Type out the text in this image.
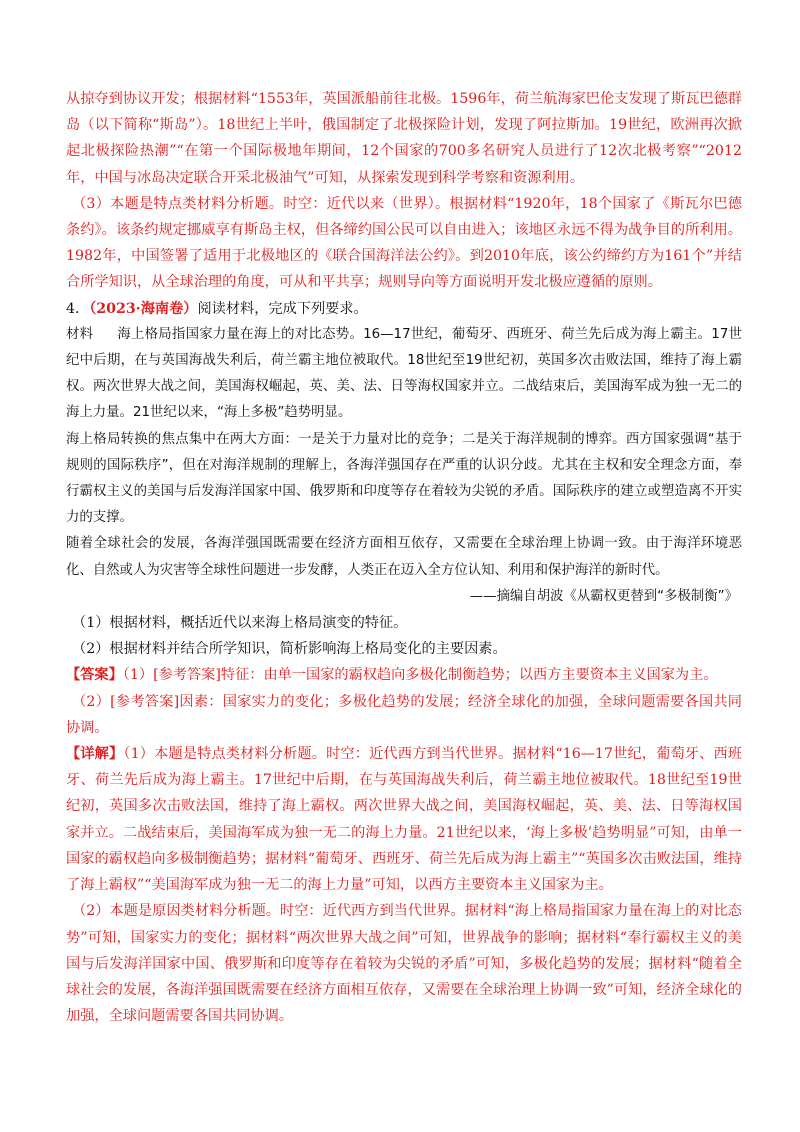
从掠夺到协议开发；根据材料“1553年，英国派船前往北极。1596年，荷兰航海家巴伦支发现了斯瓦巴德群岛（以下简称“斯岛”）。18世纪上半叶，俄国制定了北极探险计划，发现了阿拉斯加。19世纪，欧洲再次掀起北极探险热潮”“在第一个国际极地年期间，12个国家的700多名研究人员进行了12次北极考察”“2012年，中国与冰岛决定联合开采北极油气”可知，从探索发现到科学考察和资源利用。

（3）本题是特点类材料分析题。时空：近代以来（世界）。根据材料“1920年，18个国家了《斯瓦尔巴德条约》。该条约规定挪威享有斯岛主权，但各缔约国公民可以自由进入；该地区永远不得为战争目的所利用。1982年，中国签署了适用于北极地区的《联合国海洋法公约》。到2010年底，该公约缔约方为161个”并结合所学知识，从全球治理的角度，可从和平共享；规则导向等方面说明开发北极应遵循的原则。

4．（2023·海南卷）阅读材料，完成下列要求。

材料 海上格局指国家力量在海上的对比态势。16—17世纪，葡萄牙、西班牙、荷兰先后成为海上霸主。17世纪中后期，在与英国海战失利后，荷兰霸主地位被取代。18世纪至19世纪初，英国多次击败法国，维持了海上霸权。两次世界大战之间，美国海权崛起，英、美、法、日等海权国家并立。二战结束后，美国海军成为独一无二的海上力量。21世纪以来，“海上多极”趋势明显。

海上格局转换的焦点集中在两大方面：一是关于力量对比的竞争；二是关于海洋规制的博弈。西方国家强调“基于规则的国际秩序”，但在对海洋规制的理解上，各海洋强国存在严重的认识分歧。尤其在主权和安全理念方面，奉行霸权主义的美国与后发海洋国家中国、俄罗斯和印度等存在着较为尖锐的矛盾。国际秩序的建立或塑造离不开实力的支撑。

随着全球社会的发展，各海洋强国既需要在经济方面相互依存，又需要在全球治理上协调一致。由于海洋环境恶化、自然或人为灾害等全球性问题进一步发酵，人类正在迈入全方位认知、利用和保护海洋的新时代。

——摘编自胡波《从霸权更替到“多极制衡”》

（1）根据材料，概括近代以来海上格局演变的特征。

（2）根据材料并结合所学知识，简析影响海上格局变化的主要因素。

【答案】（1）[参考答案]特征：由单一国家的霸权趋向多极化制衡趋势；以西方主要资本主义国家为主。

（2）[参考答案]因素：国家实力的变化；多极化趋势的发展；经济全球化的加强，全球问题需要各国共同协调。

【详解】（1）本题是特点类材料分析题。时空：近代西方到当代世界。据材料“16—17世纪，葡萄牙、西班牙、荷兰先后成为海上霸主。17世纪中后期，在与英国海战失利后，荷兰霸主地位被取代。18世纪至19世纪初，英国多次击败法国，维持了海上霸权。两次世界大战之间，美国海权崛起，英、美、法、日等海权国家并立。二战结束后，美国海军成为独一无二的海上力量。21世纪以来，‘海上多极’趋势明显”可知，由单一国家的霸权趋向多极制衡趋势；据材料“葡萄牙、西班牙、荷兰先后成为海上霸主”“英国多次击败法国，维持了海上霸权”“美国海军成为独一无二的海上力量”可知，以西方主要资本主义国家为主。

（2）本题是原因类材料分析题。时空：近代西方到当代世界。据材料“海上格局指国家力量在海上的对比态势”可知，国家实力的变化；据材料“两次世界大战之间”可知，世界战争的影响；据材料“奉行霸权主义的美国与后发海洋国家中国、俄罗斯和印度等存在着较为尖锐的矛盾”可知，多极化趋势的发展；据材料“随着全球社会的发展，各海洋强国既需要在经济方面相互依存，又需要在全球治理上协调一致”可知，经济全球化的加强，全球问题需要各国共同协调。
